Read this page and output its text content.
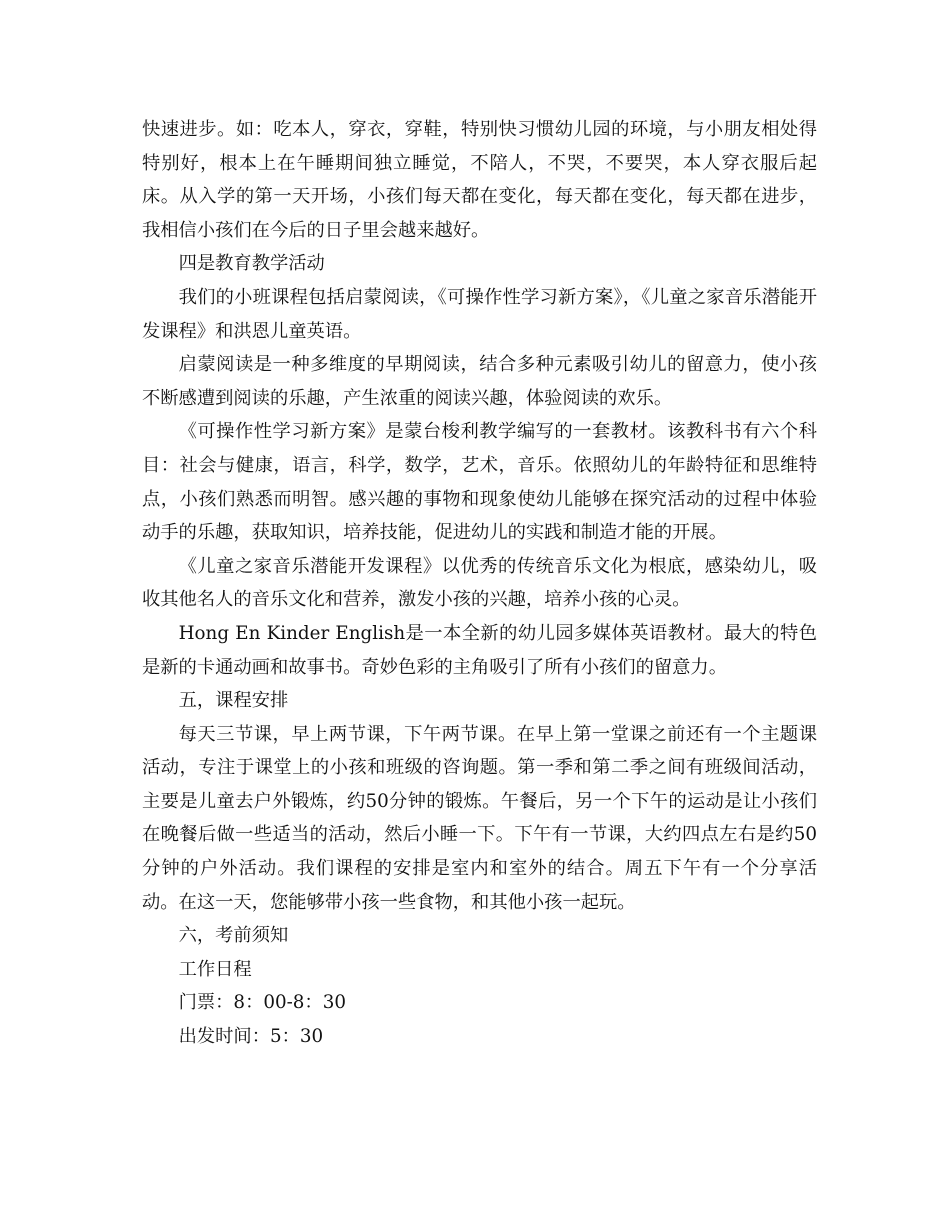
快速进步。如：吃本人，穿衣，穿鞋，特别快习惯幼儿园的环境，与小朋友相处得特别好，根本上在午睡期间独立睡觉，不陪人，不哭，不要哭，本人穿衣服后起床。从入学的第一天开场，小孩们每天都在变化，每天都在变化，每天都在进步，我相信小孩们在今后的日子里会越来越好。

四是教育教学活动

我们的小班课程包括启蒙阅读，《可操作性学习新方案》，《儿童之家音乐潜能开发课程》和洪恩儿童英语。

启蒙阅读是一种多维度的早期阅读，结合多种元素吸引幼儿的留意力，使小孩不断感遭到阅读的乐趣，产生浓重的阅读兴趣，体验阅读的欢乐。

《可操作性学习新方案》是蒙台梭利教学编写的一套教材。该教科书有六个科目：社会与健康，语言，科学，数学，艺术，音乐。依照幼儿的年龄特征和思维特点，小孩们熟悉而明智。感兴趣的事物和现象使幼儿能够在探究活动的过程中体验动手的乐趣，获取知识，培养技能，促进幼儿的实践和制造才能的开展。

《儿童之家音乐潜能开发课程》以优秀的传统音乐文化为根底，感染幼儿，吸收其他名人的音乐文化和营养，激发小孩的兴趣，培养小孩的心灵。

Hong En Kinder English是一本全新的幼儿园多媒体英语教材。最大的特色是新的卡通动画和故事书。奇妙色彩的主角吸引了所有小孩们的留意力。

五，课程安排

每天三节课，早上两节课，下午两节课。在早上第一堂课之前还有一个主题课活动，专注于课堂上的小孩和班级的咨询题。第一季和第二季之间有班级间活动，主要是儿童去户外锻炼，约50分钟的锻炼。午餐后，另一个下午的运动是让小孩们在晚餐后做一些适当的活动，然后小睡一下。下午有一节课，大约四点左右是约50分钟的户外活动。我们课程的安排是室内和室外的结合。周五下午有一个分享活动。在这一天，您能够带小孩一些食物，和其他小孩一起玩。

六，考前须知

工作日程

门票：8：00-8：30

出发时间：5：30
